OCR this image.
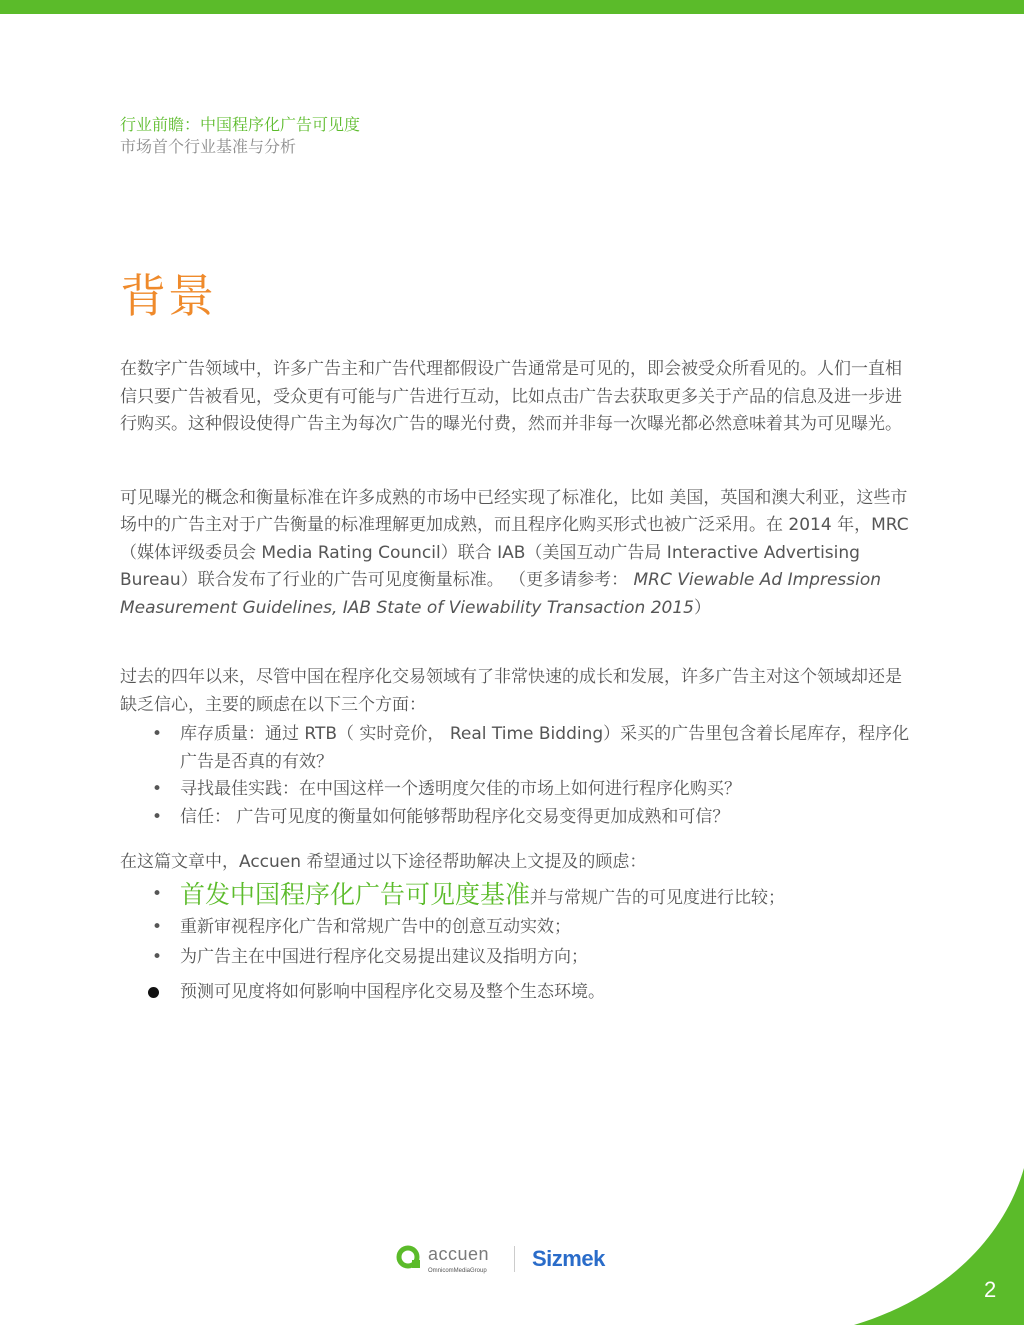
行业前瞻：中国程序化广告可见度
市场首个行业基准与分析
背景

在数字广告领域中，许多广告主和广告代理都假设广告通常是可见的，即会被受众所看见的。人们一直相信只要广告被看见，受众更有可能与广告进行互动，比如点击广告去获取更多关于产品的信息及进一步进行购买。这种假设使得广告主为每次广告的曝光付费，然而并非每一次曝光都必然意味着其为可见曝光。

可见曝光的概念和衡量标准在许多成熟的市场中已经实现了标准化，比如 美国，英国和澳大利亚，这些市场中的广告主对于广告衡量的标准理解更加成熟，而且程序化购买形式也被广泛采用。在 2014 年，MRC（媒体评级委员会 Media Rating Council）联合 IAB（美国互动广告局 Interactive Advertising Bureau）联合发布了行业的广告可见度衡量标准。 （更多请参考： MRC Viewable Ad Impression Measurement Guidelines, IAB State of Viewability Transaction 2015）

过去的四年以来，尽管中国在程序化交易领域有了非常快速的成长和发展，许多广告主对这个领域却还是缺乏信心，主要的顾虑在以下三个方面：

• 库存质量：通过 RTB（ 实时竞价， Real Time Bidding）采买的广告里包含着长尾库存，程序化广告是否真的有效？
• 寻找最佳实践：在中国这样一个透明度欠佳的市场上如何进行程序化购买？
• 信任： 广告可见度的衡量如何能够帮助程序化交易变得更加成熟和可信？

在这篇文章中，Accuen 希望通过以下途径帮助解决上文提及的顾虑：

• 首发中国程序化广告可见度基准并与常规广告的可见度进行比较；
• 重新审视程序化广告和常规广告中的创意互动实效；
• 为广告主在中国进行程序化交易提出建议及指明方向；
预测可见度将如何影响中国程序化交易及整个生态环境。
accuen
OmnicomMediaGroup Sizmek
2
